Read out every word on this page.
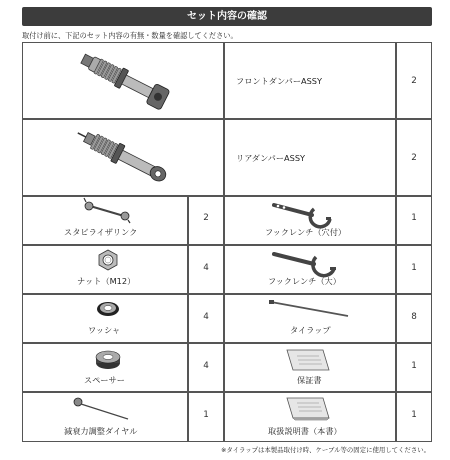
セット内容の確認
取付け前に、下記のセット内容の有無・数量を確認してください。
フロントダンパーASSY	2
リアダンパーASSY	2
スタビライザリンク
2
フックレンチ（穴付）
1
ナット（M12）
4
フックレンチ（大）
1
ワッシャ
4
タイラップ
8
スペーサー
4
保証書
1
減衰力調整ダイヤル
1
取扱説明書（本書）
1
※タイラップは本製品取付け時、ケーブル等の固定に使用してください。
